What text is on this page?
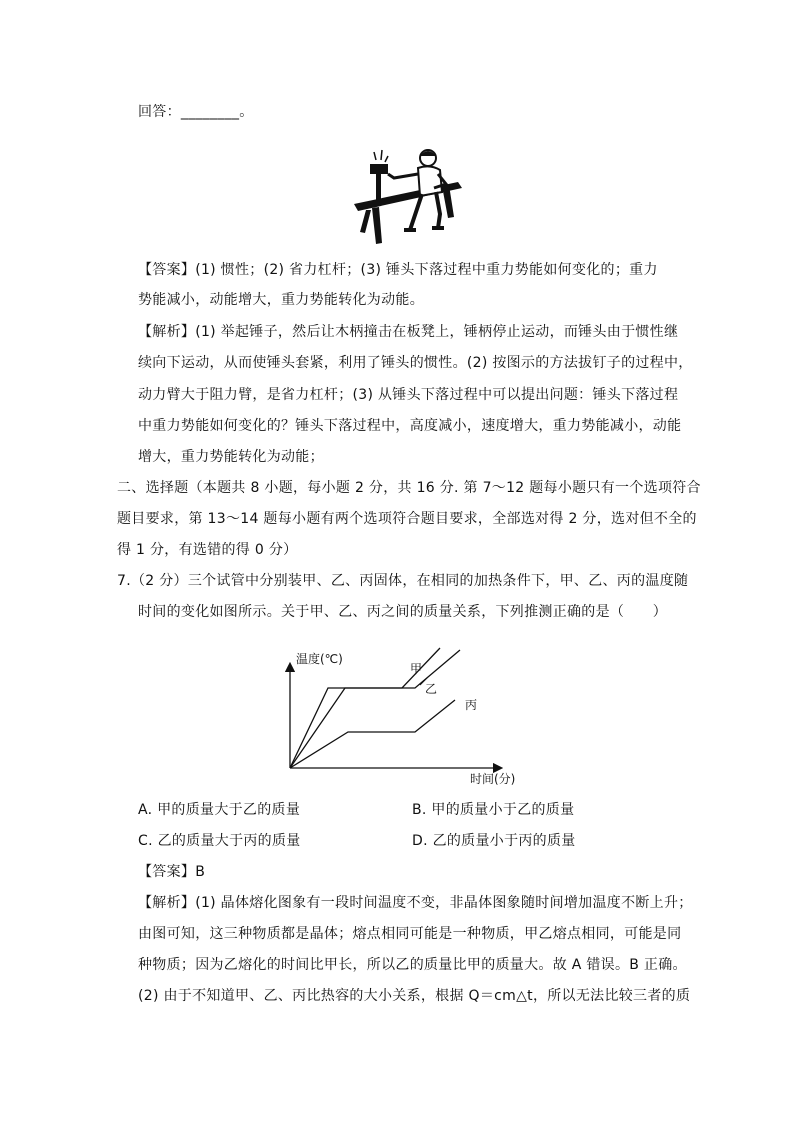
回答：________。
【答案】(1) 惯性；(2) 省力杠杆；(3) 锤头下落过程中重力势能如何变化的；重力
势能减小，动能增大，重力势能转化为动能。
【解析】(1) 举起锤子，然后让木柄撞击在板凳上，锤柄停止运动，而锤头由于惯性继
续向下运动，从而使锤头套紧，利用了锤头的惯性。(2) 按图示的方法拔钉子的过程中，
动力臂大于阻力臂，是省力杠杆；(3) 从锤头下落过程中可以提出问题：锤头下落过程
中重力势能如何变化的？锤头下落过程中，高度减小，速度增大，重力势能减小，动能
增大，重力势能转化为动能；
二、选择题（本题共 8 小题，每小题 2 分，共 16 分. 第 7～12 题每小题只有一个选项符合
题目要求，第 13～14 题每小题有两个选项符合题目要求，全部选对得 2 分，选对但不全的
得 1 分，有选错的得 0 分）
7.（2 分）三个试管中分别装甲、乙、丙固体，在相同的加热条件下，甲、乙、丙的温度随
时间的变化如图所示。关于甲、乙、丙之间的质量关系，下列推测正确的是（　　）
温度(℃)
时间(分)
甲
乙
丙
A. 甲的质量大于乙的质量	B. 甲的质量小于乙的质量
C. 乙的质量大于丙的质量	D. 乙的质量小于丙的质量
【答案】B
【解析】(1) 晶体熔化图象有一段时间温度不变，非晶体图象随时间增加温度不断上升；
由图可知，这三种物质都是晶体；熔点相同可能是一种物质，甲乙熔点相同，可能是同
种物质；因为乙熔化的时间比甲长，所以乙的质量比甲的质量大。故 A 错误。B 正确。
(2) 由于不知道甲、乙、丙比热容的大小关系，根据 Q＝cm△t，所以无法比较三者的质
